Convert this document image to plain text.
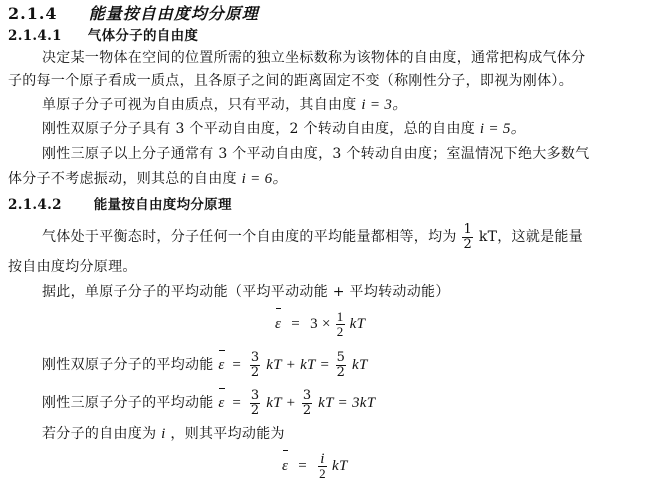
2.1.4 能量按自由度均分原理
2.1.4.1 气体分子的自由度
决定某一物体在空间的位置所需的独立坐标数称为该物体的自由度，通常把构成气体分
子的每一个原子看成一质点，且各原子之间的距离固定不变（称刚性分子，即视为刚体）。
单原子分子可视为自由质点，只有平动，其自由度 i = 3。
刚性双原子分子具有 3 个平动自由度，2 个转动自由度，总的自由度 i = 5。
刚性三原子以上分子通常有 3 个平动自由度，3 个转动自由度；室温情况下绝大多数气
体分子不考虑振动，则其总的自由度 i = 6。
2.1.4.2 能量按自由度均分原理
气体处于平衡态时，分子任何一个自由度的平均能量都相等，均为 $\frac{1}{2}$ kT，这就是能量
按自由度均分原理。
据此，单原子分子的平均动能（平均平动动能 + 平均转动动能）
$\varepsilon = 3 \times \frac{1}{2}$ kT
刚性双原子分子的平均动能 $\varepsilon = \frac{3}{2}$ kT + kT = $\frac{5}{2}$ kT
刚性三原子分子的平均动能 $\varepsilon = \frac{3}{2}$ kT + $\frac{3}{2}$ kT = 3kT
若分子的自由度为 i ，则其平均动能为
$\varepsilon = \frac{i}{2}$ kT
